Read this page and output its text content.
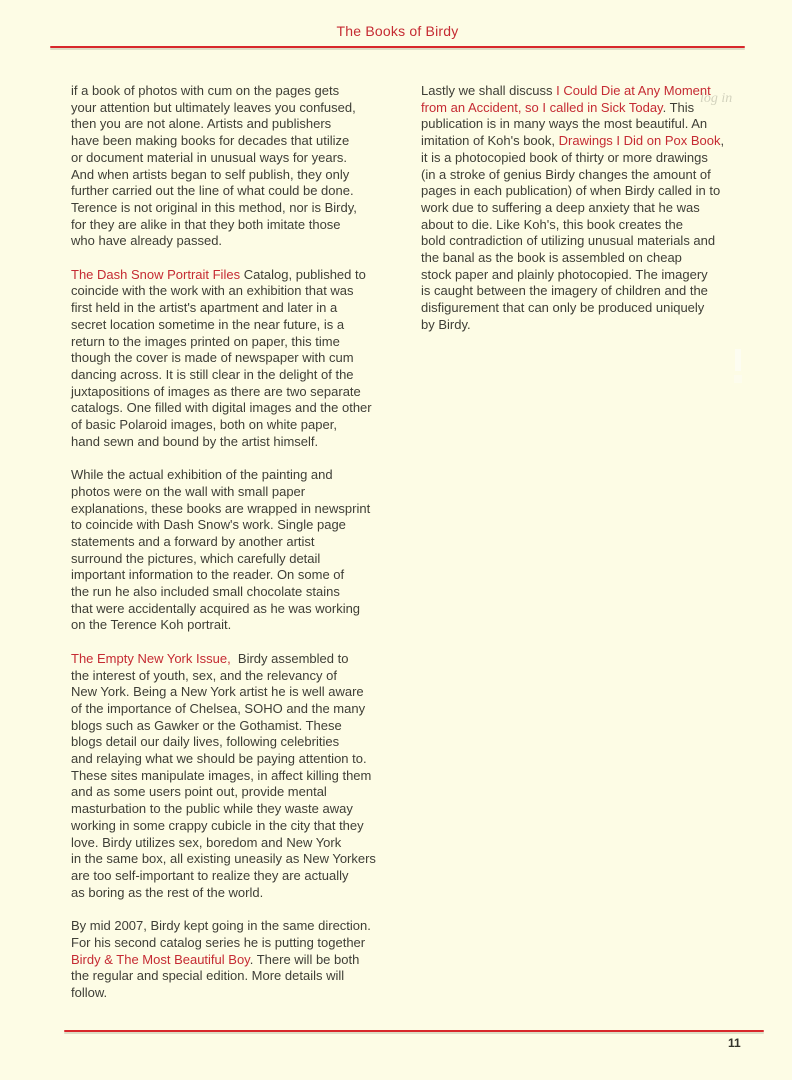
The Books of Birdy
log in
if a book of photos with cum on the pages gets
your attention but ultimately leaves you confused,
then you are not alone. Artists and publishers
have been making books for decades that utilize
or document material in unusual ways for years.
And when artists began to self publish, they only
further carried out the line of what could be done.
Terence is not original in this method, nor is Birdy,
for they are alike in that they both imitate those
who have already passed.
The Dash Snow Portrait Files Catalog, published to
coincide with the work with an exhibition that was
first held in the artist's apartment and later in a
secret location sometime in the near future, is a
return to the images printed on paper, this time
though the cover is made of newspaper with cum
dancing across. It is still clear in the delight of the
juxtapositions of images as there are two separate
catalogs. One filled with digital images and the other
of basic Polaroid images, both on white paper,
hand sewn and bound by the artist himself.
While the actual exhibition of the painting and
photos were on the wall with small paper
explanations, these books are wrapped in newsprint
to coincide with Dash Snow's work. Single page
statements and a forward by another artist
surround the pictures, which carefully detail
important information to the reader. On some of
the run he also included small chocolate stains
that were accidentally acquired as he was working
on the Terence Koh portrait.
The Empty New York Issue,  Birdy assembled to
the interest of youth, sex, and the relevancy of
New York. Being a New York artist he is well aware
of the importance of Chelsea, SOHO and the many
blogs such as Gawker or the Gothamist. These
blogs detail our daily lives, following celebrities
and relaying what we should be paying attention to.
These sites manipulate images, in affect killing them
and as some users point out, provide mental
masturbation to the public while they waste away
working in some crappy cubicle in the city that they
love. Birdy utilizes sex, boredom and New York
in the same box, all existing uneasily as New Yorkers
are too self-important to realize they are actually
as boring as the rest of the world.
By mid 2007, Birdy kept going in the same direction.
For his second catalog series he is putting together
Birdy & The Most Beautiful Boy. There will be both
the regular and special edition. More details will
follow.
Lastly we shall discuss I Could Die at Any Moment
from an Accident, so I called in Sick Today. This
publication is in many ways the most beautiful. An
imitation of Koh's book, Drawings I Did on Pox Book,
it is a photocopied book of thirty or more drawings
(in a stroke of genius Birdy changes the amount of
pages in each publication) of when Birdy called in to
work due to suffering a deep anxiety that he was
about to die. Like Koh's, this book creates the
bold contradiction of utilizing unusual materials and
the banal as the book is assembled on cheap
stock paper and plainly photocopied. The imagery
is caught between the imagery of children and the
disfigurement that can only be produced uniquely
by Birdy.
11
